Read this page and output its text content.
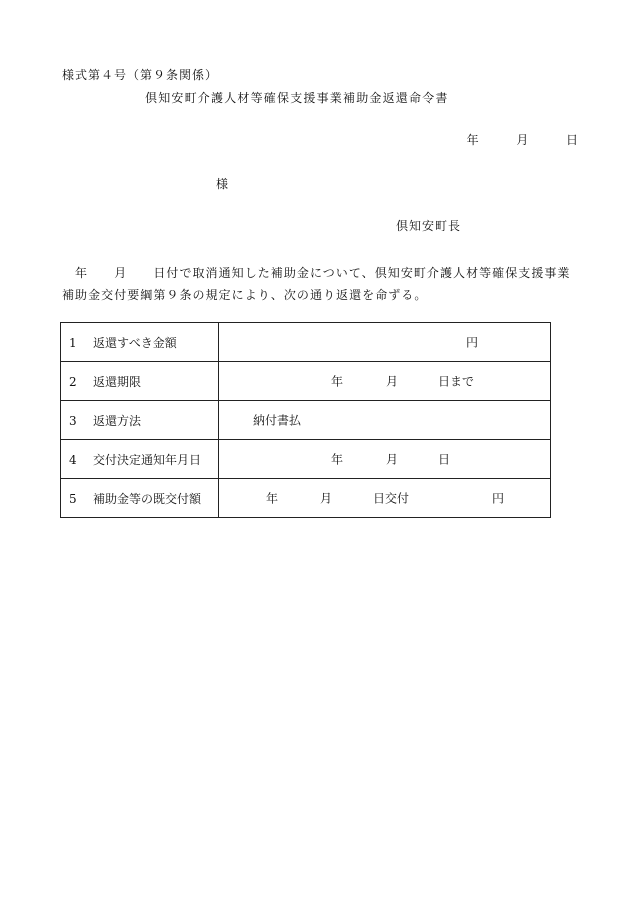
様式第４号（第９条関係）
倶知安町介護人材等確保支援事業補助金返還命令書
年	月	日
様
倶知安町長
　年　　月　　日付で取消通知した補助金について、倶知安町介護人材等確保支援事業補助金交付要綱第９条の規定により、次の通り返還を命ずる。
1 返還すべき金額	円

2 返還期限	年 月 日まで

3 返還方法	納付書払

4 交付決定通知年月日	年 月 日

5 補助金等の既交付額	年 月 日交付 円
